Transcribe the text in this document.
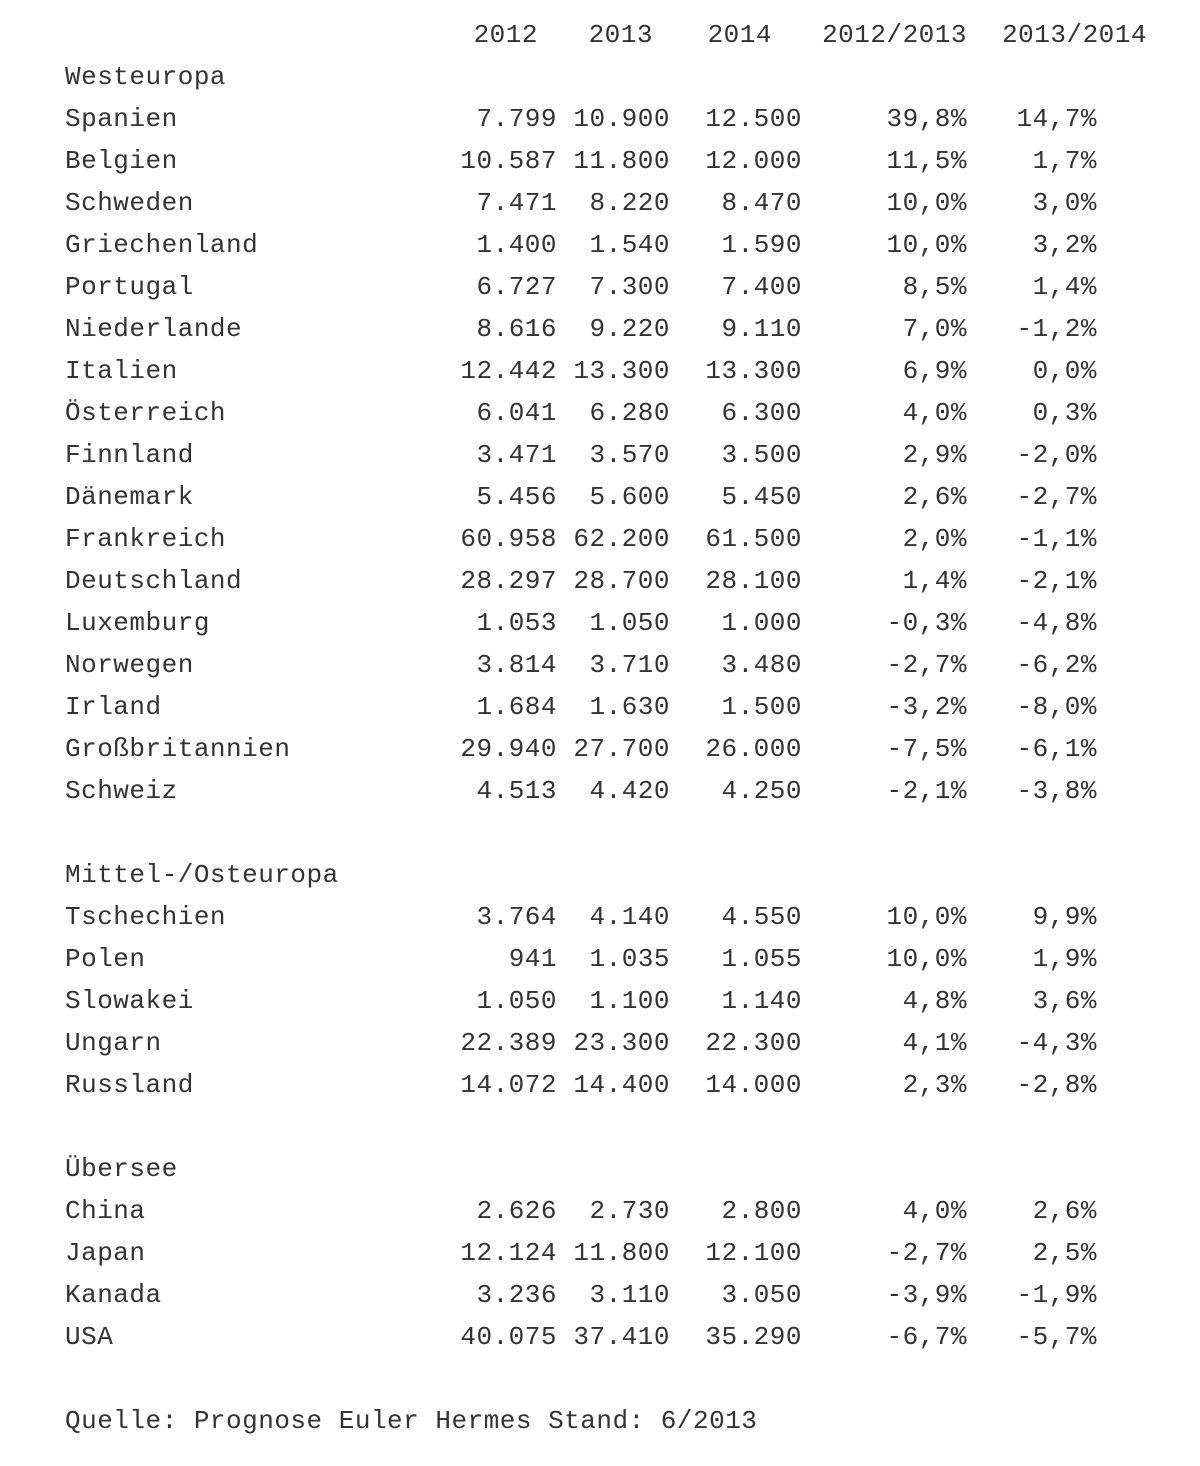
2012	2013	2014	2012/2013	2013/2014
Westeuropa
Spanien	7.799 10.900	12.500	39,8%	14,7%
Belgien	10.587 11.800	12.000	11,5%	1,7%
Schweden	7.471	8.220	8.470	10,0%	3,0%
Griechenland	1.400	1.540	1.590	10,0%	3,2%
Portugal	6.727	7.300	7.400	8,5%	1,4%
Niederlande	8.616	9.220	9.110	7,0%	-1,2%
Italien	12.442 13.300	13.300	6,9%	0,0%
Österreich	6.041	6.280	6.300	4,0%	0,3%
Finnland	3.471	3.570	3.500	2,9%	-2,0%
Dänemark	5.456	5.600	5.450	2,6%	-2,7%
Frankreich	60.958 62.200	61.500	2,0%	-1,1%
Deutschland	28.297 28.700	28.100	1,4%	-2,1%
Luxemburg	1.053	1.050	1.000	-0,3%	-4,8%
Norwegen	3.814	3.710	3.480	-2,7%	-6,2%
Irland	1.684	1.630	1.500	-3,2%	-8,0%
Großbritannien	29.940 27.700	26.000	-7,5%	-6,1%
Schweiz	4.513	4.420	4.250	-2,1%	-3,8%
Mittel-/Osteuropa
Tschechien	3.764	4.140	4.550	10,0%	9,9%
Polen	941	1.035	1.055	10,0%	1,9%
Slowakei	1.050	1.100	1.140	4,8%	3,6%
Ungarn	22.389 23.300	22.300	4,1%	-4,3%
Russland	14.072 14.400	14.000	2,3%	-2,8%
Übersee
China	2.626	2.730	2.800	4,0%	2,6%
Japan	12.124 11.800	12.100	-2,7%	2,5%
Kanada	3.236	3.110	3.050	-3,9%	-1,9%
USA	40.075 37.410	35.290	-6,7%	-5,7%
Quelle: Prognose Euler Hermes Stand: 6/2013
